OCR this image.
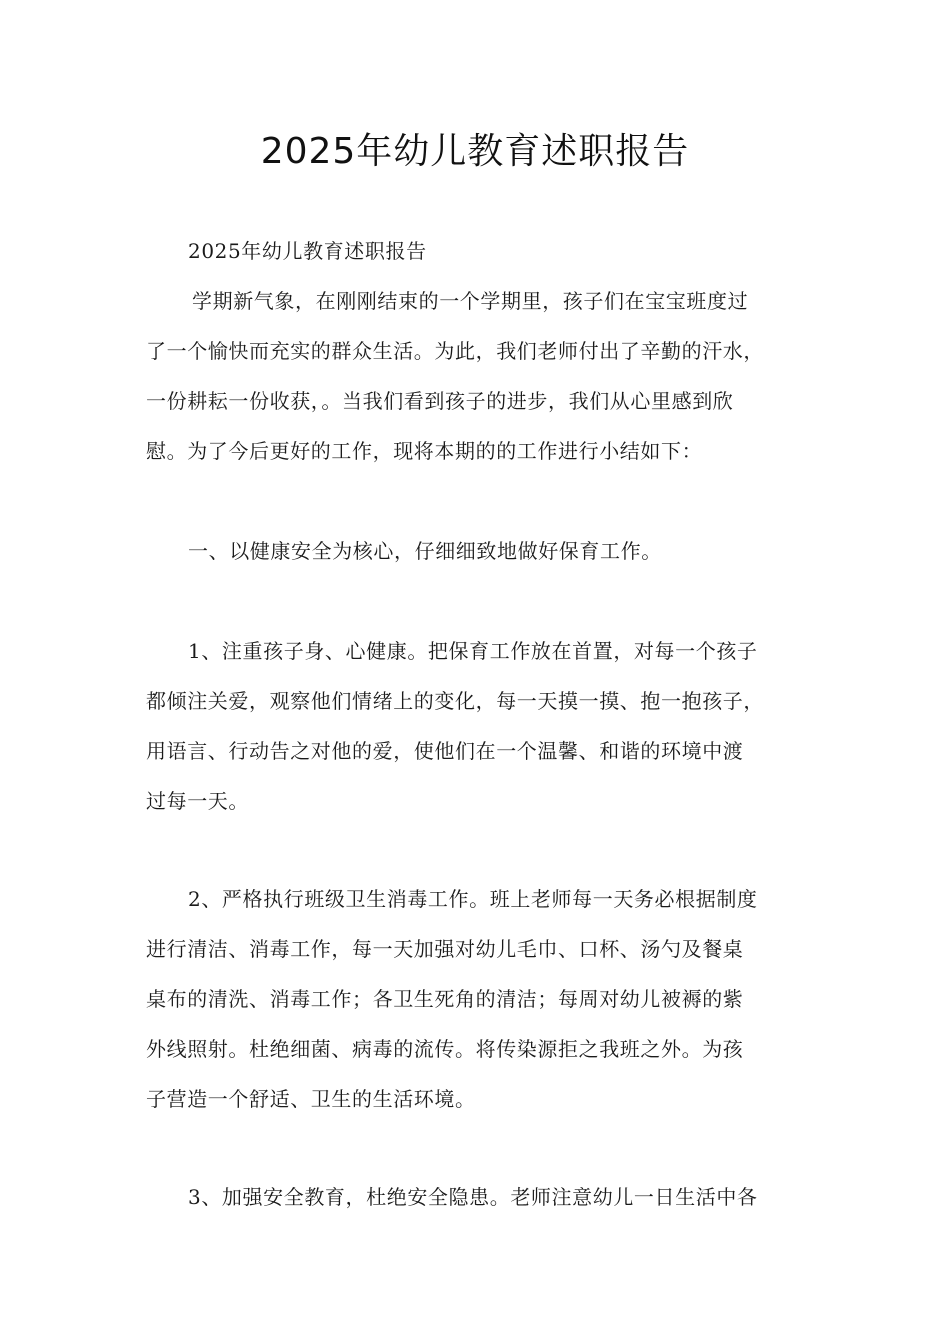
2025年幼儿教育述职报告
2025年幼儿教育述职报告
学期新气象，在刚刚结束的一个学期里，孩子们在宝宝班度过
了一个愉快而充实的群众生活。为此，我们老师付出了辛勤的汗水，
一份耕耘一份收获，。当我们看到孩子的进步，我们从心里感到欣
慰。为了今后更好的工作，现将本期的的工作进行小结如下：
一、以健康安全为核心，仔细细致地做好保育工作。
1、注重孩子身、心健康。把保育工作放在首置，对每一个孩子
都倾注关爱，观察他们情绪上的变化，每一天摸一摸、抱一抱孩子，
用语言、行动告之对他的爱，使他们在一个温馨、和谐的环境中渡
过每一天。
2、严格执行班级卫生消毒工作。班上老师每一天务必根据制度
进行清洁、消毒工作，每一天加强对幼儿毛巾、口杯、汤勺及餐桌
桌布的清洗、消毒工作；各卫生死角的清洁；每周对幼儿被褥的紫
外线照射。杜绝细菌、病毒的流传。将传染源拒之我班之外。为孩
子营造一个舒适、卫生的生活环境。
3、加强安全教育，杜绝安全隐患。老师注意幼儿一日生活中各
